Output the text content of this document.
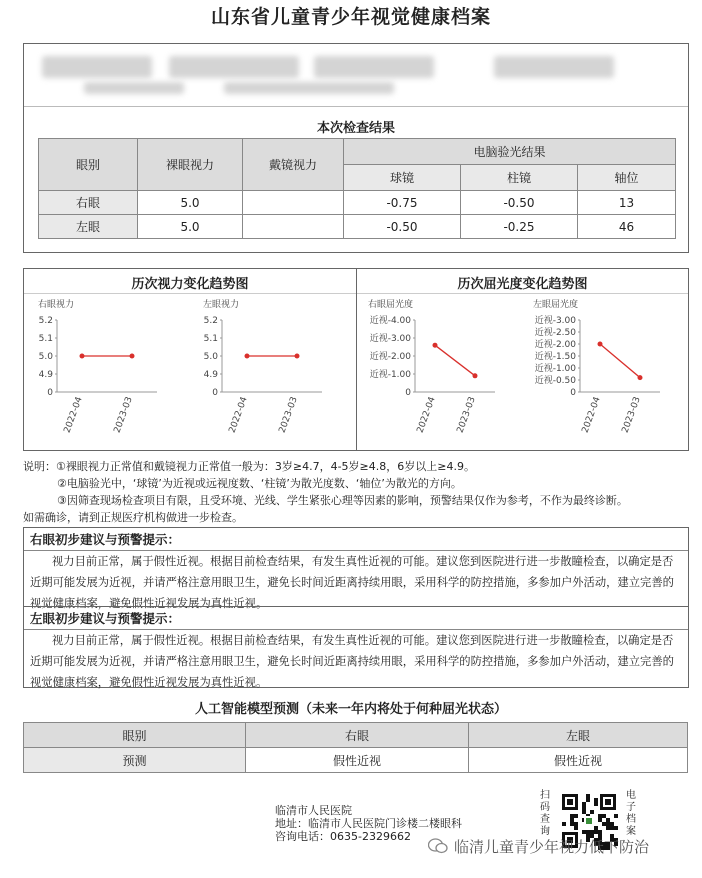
山东省儿童青少年视觉健康档案
本次检查结果
眼别	裸眼视力	戴镜视力	电脑验光结果		
			球镜	柱镜	轴位
右眼	5.0		-0.75	-0.50	13
左眼	5.0		-0.50	-0.25	46
历次视力变化趋势图	历次屈光度变化趋势图
右眼视力
5.2
5.1
5.0
4.9
0
2022-04	2023-03
左眼视力
5.2
5.1
5.0
4.9
0
2022-04	2023-03
右眼屈光度
近视-4.00
近视-3.00
近视-2.00
近视-1.00
0
2022-04 2023-03
左眼屈光度
近视-3.00
近视-2.50
近视-2.00
近视-1.50
近视-1.00
近视-0.50
0
2022-04 2023-03
说明：①裸眼视力正常值和戴镜视力正常值一般为：3岁≥4.7，4-5岁≥4.8，6岁以上≥4.9。
②电脑验光中，‘球镜’为近视或远视度数、‘柱镜’为散光度数、‘轴位’为散光的方向。
③因筛查现场检查项目有限，且受环境、光线、学生紧张心理等因素的影响，预警结果仅作为参考，不作为最终诊断。
如需确诊，请到正规医疗机构做进一步检查。
右眼初步建议与预警提示：
视力目前正常，属于假性近视。根据目前检查结果，有发生真性近视的可能。建议您到医院进行进一步散瞳检查，以确定是否近期可能发展为近视，并请严格注意用眼卫生，避免长时间近距离持续用眼，采用科学的防控措施，多参加户外活动，建立完善的视觉健康档案，避免假性近视发展为真性近视。
左眼初步建议与预警提示：
视力目前正常，属于假性近视。根据目前检查结果，有发生真性近视的可能。建议您到医院进行进一步散瞳检查，以确定是否近期可能发展为近视，并请严格注意用眼卫生，避免长时间近距离持续用眼，采用科学的防控措施，多参加户外活动，建立完善的视觉健康档案，避免假性近视发展为真性近视。
人工智能模型预测（未来一年内将处于何种屈光状态）
眼别	右眼	左眼
预测	假性近视	假性近视
临清市人民医院
地址：临清市人民医院门诊楼二楼眼科
咨询电话：0635-2329662
扫码查询
电子档案
临清儿童青少年视力低下防治
